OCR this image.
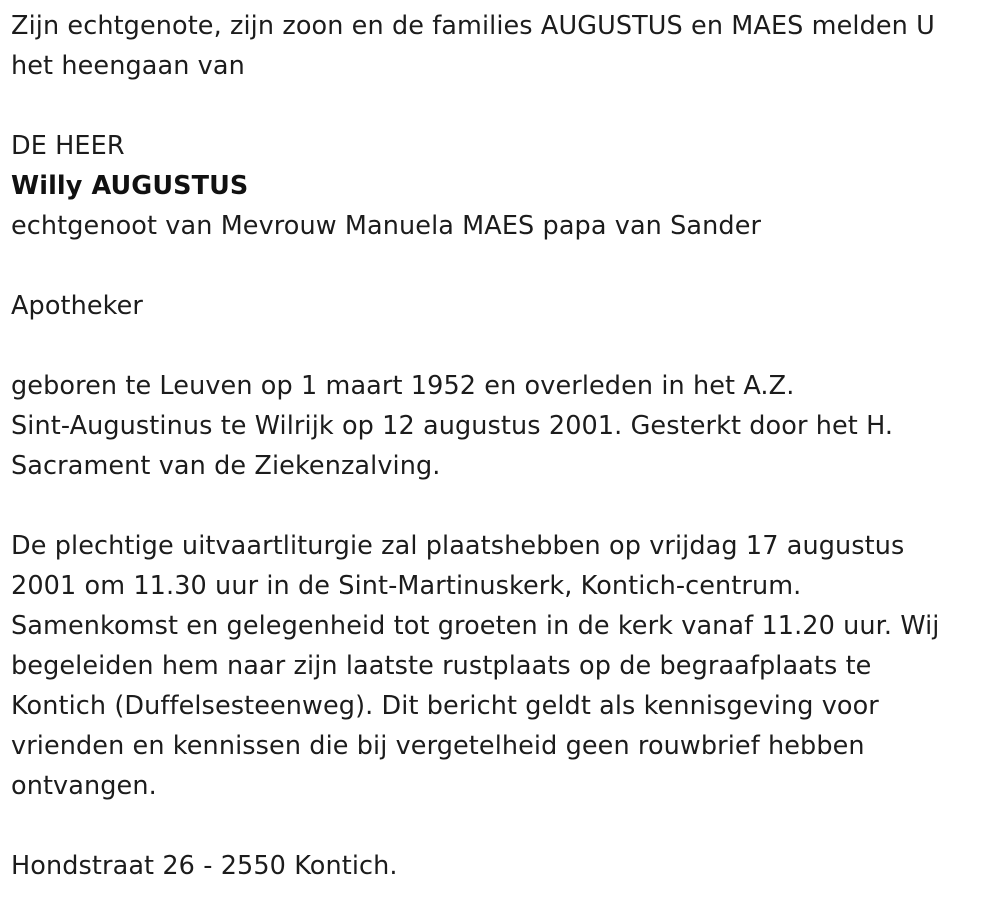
Zijn echtgenote, zijn zoon en de families AUGUSTUS en MAES melden U

het heengaan van

DE HEER

Willy AUGUSTUS

echtgenoot van Mevrouw Manuela MAES papa van Sander

Apotheker

geboren te Leuven op 1 maart 1952 en overleden in het A.Z.

Sint-Augustinus te Wilrijk op 12 augustus 2001. Gesterkt door het H.

Sacrament van de Ziekenzalving.

De plechtige uitvaartliturgie zal plaatshebben op vrijdag 17 augustus

2001 om 11.30 uur in de Sint-Martinuskerk, Kontich-centrum.

Samenkomst en gelegenheid tot groeten in de kerk vanaf 11.20 uur. Wij

begeleiden hem naar zijn laatste rustplaats op de begraafplaats te

Kontich (Duffelsesteenweg). Dit bericht geldt als kennisgeving voor

vrienden en kennissen die bij vergetelheid geen rouwbrief hebben

ontvangen.

Hondstraat 26 - 2550 Kontich.
